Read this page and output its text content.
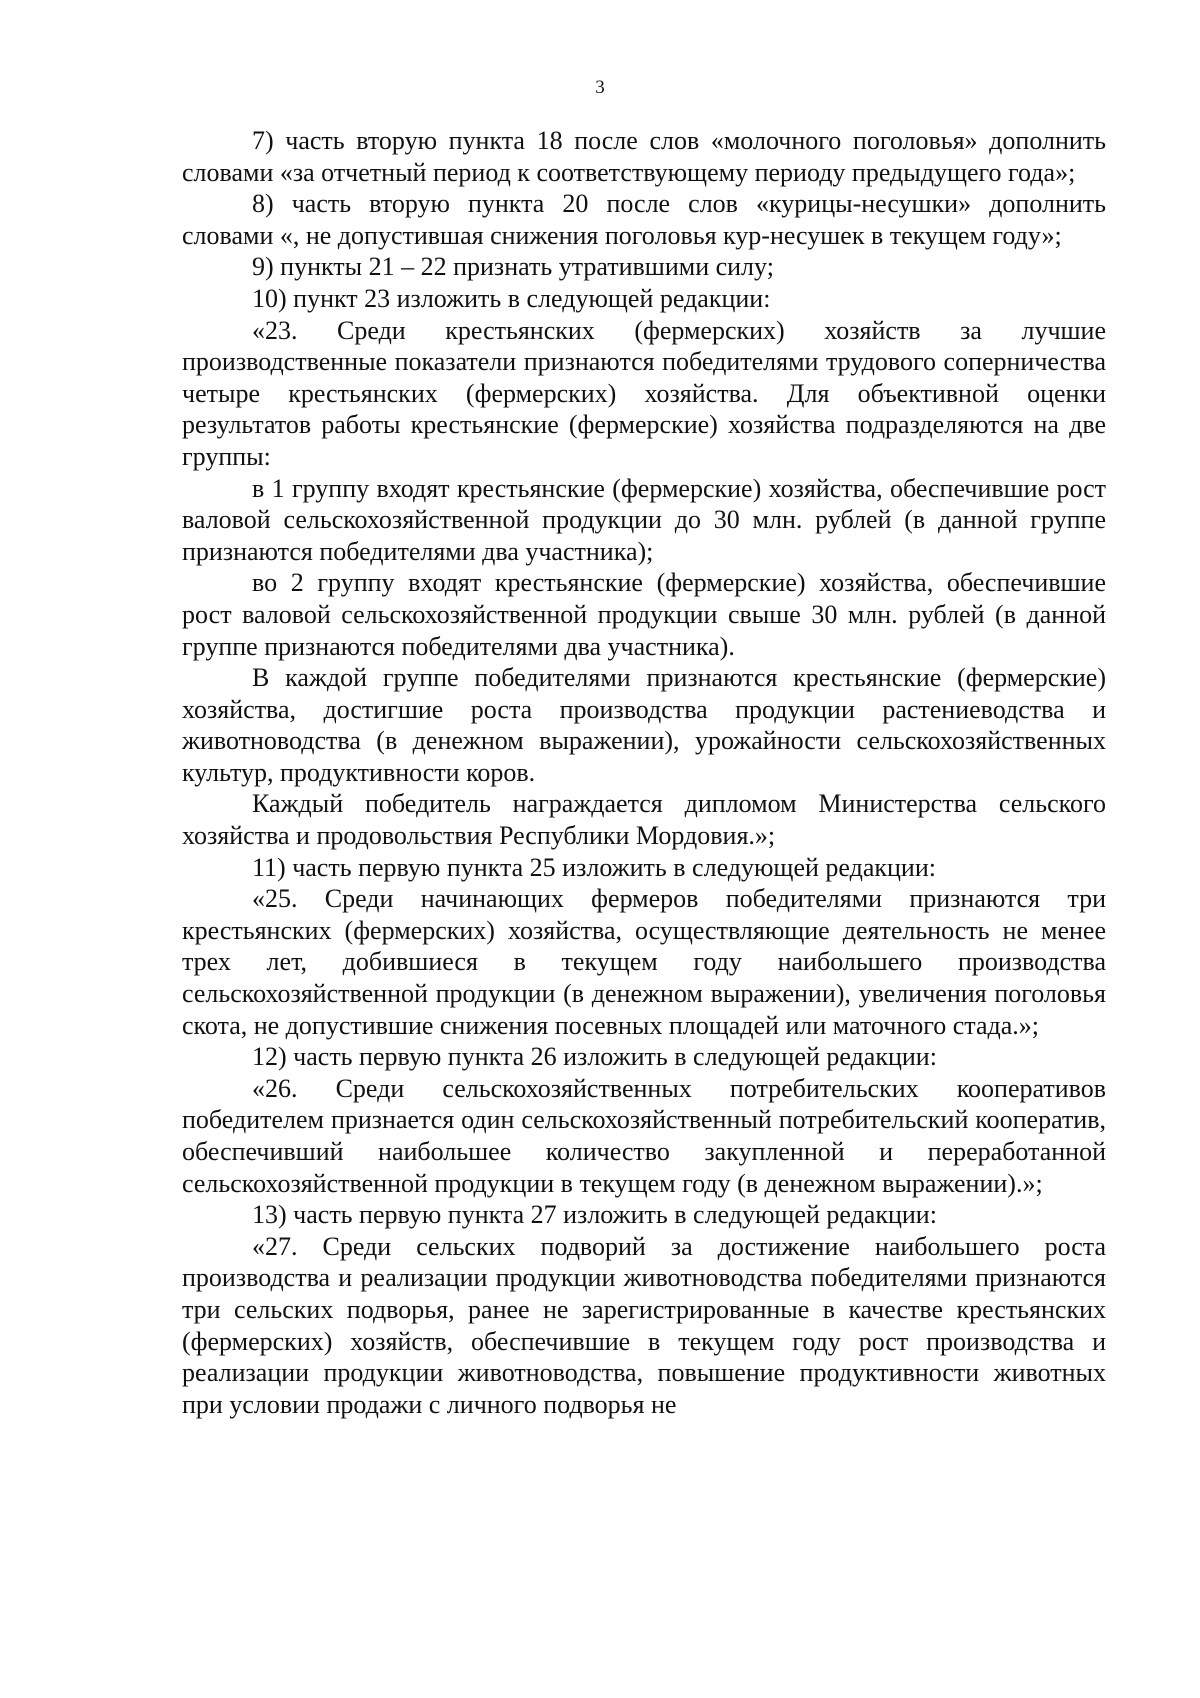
3

7) часть вторую пункта 18 после слов «молочного поголовья» дополнить словами «за отчетный период к соответствующему периоду предыдущего года»;

8) часть вторую пункта 20 после слов «курицы-несушки» дополнить словами «, не допустившая снижения поголовья кур-несушек в текущем году»;

9) пункты 21 – 22 признать утратившими силу;

10) пункт 23 изложить в следующей редакции:

«23. Среди крестьянских (фермерских) хозяйств за лучшие производственные показатели признаются победителями трудового соперничества четыре крестьянских (фермерских) хозяйства. Для объективной оценки результатов работы крестьянские (фермерские) хозяйства подразделяются на две группы:

в 1 группу входят крестьянские (фермерские) хозяйства, обеспечившие рост валовой сельскохозяйственной продукции до 30 млн. рублей (в данной группе признаются победителями два участника);

во 2 группу входят крестьянские (фермерские) хозяйства, обеспечившие рост валовой сельскохозяйственной продукции свыше 30 млн. рублей (в данной группе признаются победителями два участника).

В каждой группе победителями признаются крестьянские (фермерские) хозяйства, достигшие роста производства продукции растениеводства и животноводства (в денежном выражении), урожайности сельскохозяйственных культур, продуктивности коров.

Каждый победитель награждается дипломом Министерства сельского хозяйства и продовольствия Республики Мордовия.»;

11) часть первую пункта 25 изложить в следующей редакции:

«25. Среди начинающих фермеров победителями признаются три крестьянских (фермерских) хозяйства, осуществляющие деятельность не менее трех лет, добившиеся в текущем году наибольшего производства сельскохозяйственной продукции (в денежном выражении), увеличения поголовья скота, не допустившие снижения посевных площадей или маточного стада.»;

12) часть первую пункта 26 изложить в следующей редакции:

«26. Среди сельскохозяйственных потребительских кооперативов победителем признается один сельскохозяйственный потребительский кооператив, обеспечивший наибольшее количество закупленной и переработанной сельскохозяйственной продукции в текущем году (в денежном выражении).»;

13) часть первую пункта 27 изложить в следующей редакции:

«27. Среди сельских подворий за достижение наибольшего роста производства и реализации продукции животноводства победителями признаются три сельских подворья, ранее не зарегистрированные в качестве крестьянских (фермерских) хозяйств, обеспечившие в текущем году рост производства и реализации продукции животноводства, повышение продуктивности животных при условии продажи с личного подворья не
